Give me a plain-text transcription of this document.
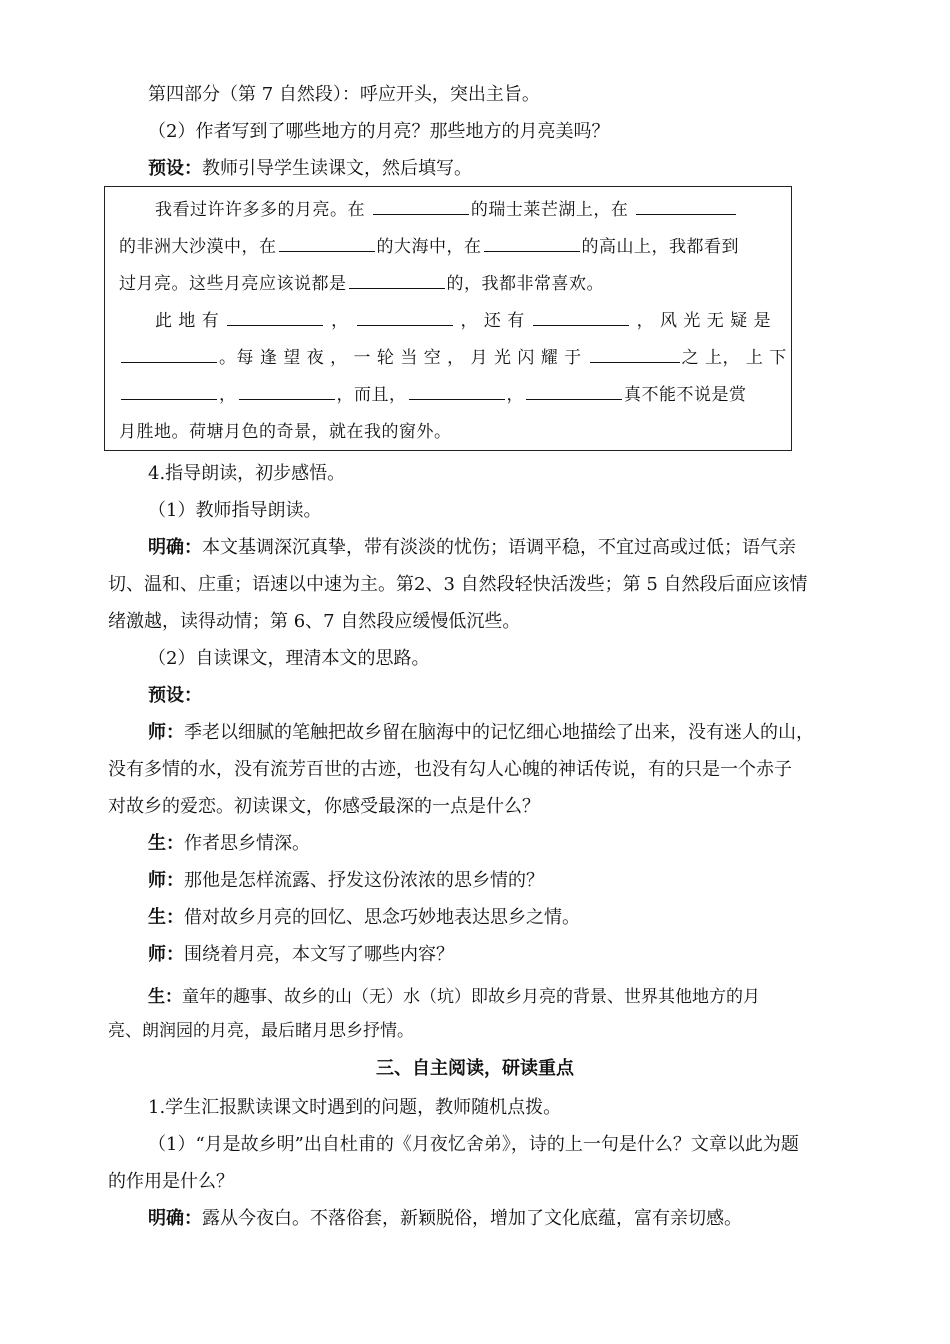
第四部分（第 7 自然段）：呼应开头，突出主旨。
（2）作者写到了哪些地方的月亮？那些地方的月亮美吗？
预设：教师引导学生读课文，然后填写。
我看过许许多多的月亮。在	的瑞士莱芒湖上，在
的非洲大沙漠中，在	的大海中，在	的高山上，我都看到
过月亮。这些月亮应该说都是	的，我都非常喜欢。
此 地 有	，	， 还 有	， 风 光 无 疑 是
。每 逢 望 夜 ， 一 轮 当 空 ， 月 光 闪 耀 于	之 上， 上 下
，	，而且，	，	真不能不说是赏
月胜地。荷塘月色的奇景，就在我的窗外。
4.指导朗读，初步感悟。
（1）教师指导朗读。
明确：本文基调深沉真挚，带有淡淡的忧伤；语调平稳，不宜过高或过低；语气亲
切、温和、庄重；语速以中速为主。第2、3 自然段轻快活泼些；第 5 自然段后面应该情
绪激越，读得动情；第 6、7 自然段应缓慢低沉些。
（2）自读课文，理清本文的思路。
预设：
师：季老以细腻的笔触把故乡留在脑海中的记忆细心地描绘了出来，没有迷人的山，
没有多情的水，没有流芳百世的古迹，也没有勾人心魄的神话传说，有的只是一个赤子
对故乡的爱恋。初读课文，你感受最深的一点是什么？
生：作者思乡情深。
师：那他是怎样流露、抒发这份浓浓的思乡情的？
生：借对故乡月亮的回忆、思念巧妙地表达思乡之情。
师：围绕着月亮，本文写了哪些内容？
生：童年的趣事、故乡的山（无）水（坑）即故乡月亮的背景、世界其他地方的月
亮、朗润园的月亮，最后睹月思乡抒情。
三、自主阅读，研读重点
1.学生汇报默读课文时遇到的问题，教师随机点拨。
（1）“月是故乡明”出自杜甫的《月夜忆舍弟》，诗的上一句是什么？文章以此为题
的作用是什么？
明确：露从今夜白。不落俗套，新颖脱俗，增加了文化底蕴，富有亲切感。
